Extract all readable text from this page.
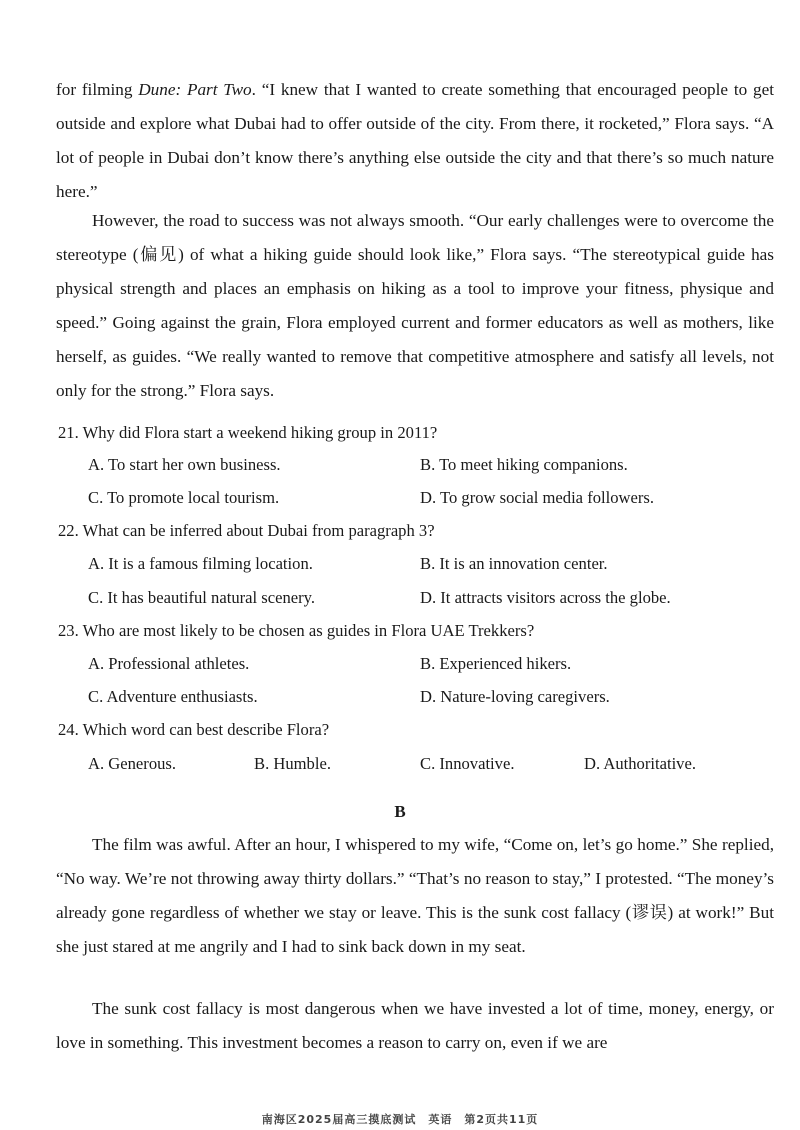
for filming Dune: Part Two. “I knew that I wanted to create something that encouraged people to get outside and explore what Dubai had to offer outside of the city. From there, it rocketed,” Flora says. “A lot of people in Dubai don’t know there’s anything else outside the city and that there’s so much nature here.”

However, the road to success was not always smooth. “Our early challenges were to overcome the stereotype (偏见) of what a hiking guide should look like,” Flora says. “The stereotypical guide has physical strength and places an emphasis on hiking as a tool to improve your fitness, physique and speed.” Going against the grain, Flora employed current and former educators as well as mothers, like herself, as guides. “We really wanted to remove that competitive atmosphere and satisfy all levels, not only for the strong.” Flora says.

21. Why did Flora start a weekend hiking group in 2011?
A. To start her own business.	B. To meet hiking companions.
C. To promote local tourism.	D. To grow social media followers.
22. What can be inferred about Dubai from paragraph 3?
A. It is a famous filming location.	B. It is an innovation center.
C. It has beautiful natural scenery.	D. It attracts visitors across the globe.
23. Who are most likely to be chosen as guides in Flora UAE Trekkers?
A. Professional athletes.	B. Experienced hikers.
C. Adventure enthusiasts.	D. Nature-loving caregivers.
24. Which word can best describe Flora?
A. Generous.	B. Humble.	C. Innovative.	D. Authoritative.
B

The film was awful. After an hour, I whispered to my wife, “Come on, let’s go home.” She replied, “No way. We’re not throwing away thirty dollars.” “That’s no reason to stay,” I protested. “The money’s already gone regardless of whether we stay or leave. This is the sunk cost fallacy (谬误) at work!” But she just stared at me angrily and I had to sink back down in my seat.

The sunk cost fallacy is most dangerous when we have invested a lot of time, money, energy, or love in something. This investment becomes a reason to carry on, even if we are

南海区2025届高三摸底测试　英语　第2页共11页
